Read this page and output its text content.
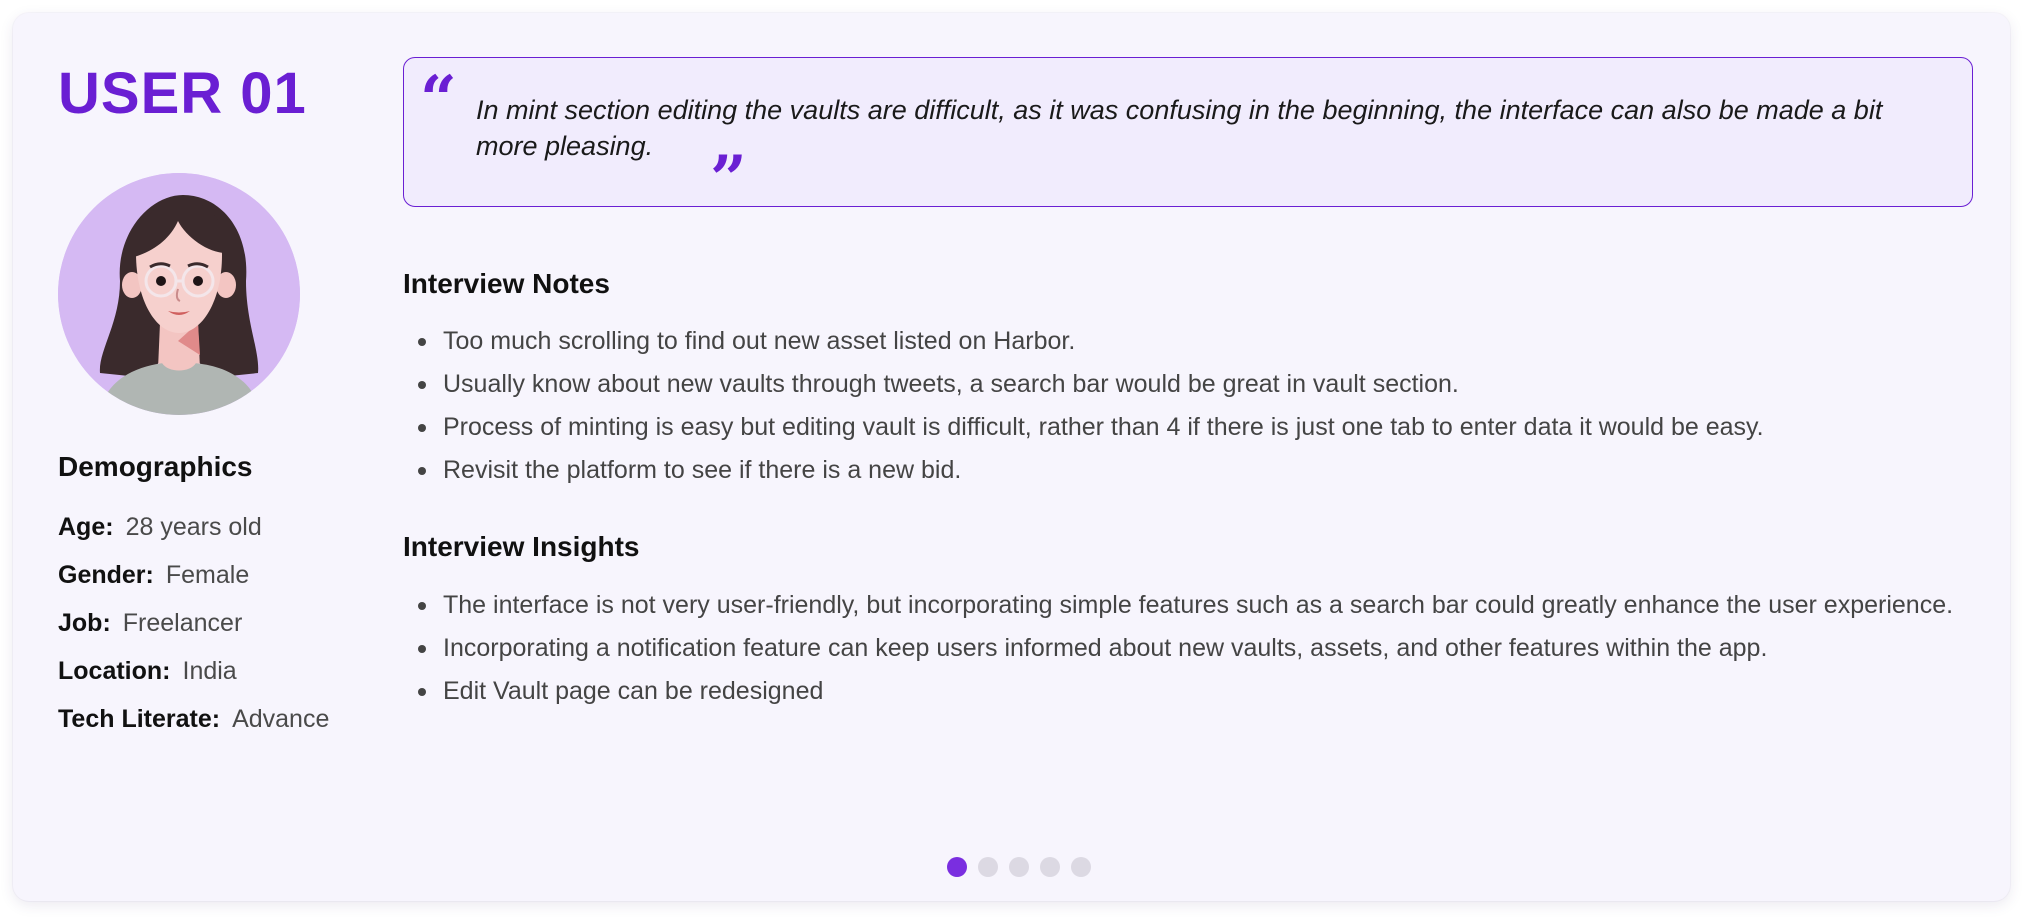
USER 01
Demographics
Age: 28 years old
Gender: Female
Job: Freelancer
Location: India
Tech Literate: Advance
“ In mint section editing the vaults are difficult, as it was confusing in the beginning, the interface can also be made a bit more pleasing. ”
Interview Notes
Too much scrolling to find out new asset listed on Harbor.
Usually know about new vaults through tweets, a search bar would be great in vault section.
Process of minting is easy but editing vault is difficult, rather than 4 if there is just one tab to enter data it would be easy.
Revisit the platform to see if there is a new bid.
Interview Insights
The interface is not very user-friendly, but incorporating simple features such as a search bar could greatly enhance the user experience.
Incorporating a notification feature can keep users informed about new vaults, assets, and other features within the app.
Edit Vault page can be redesigned
